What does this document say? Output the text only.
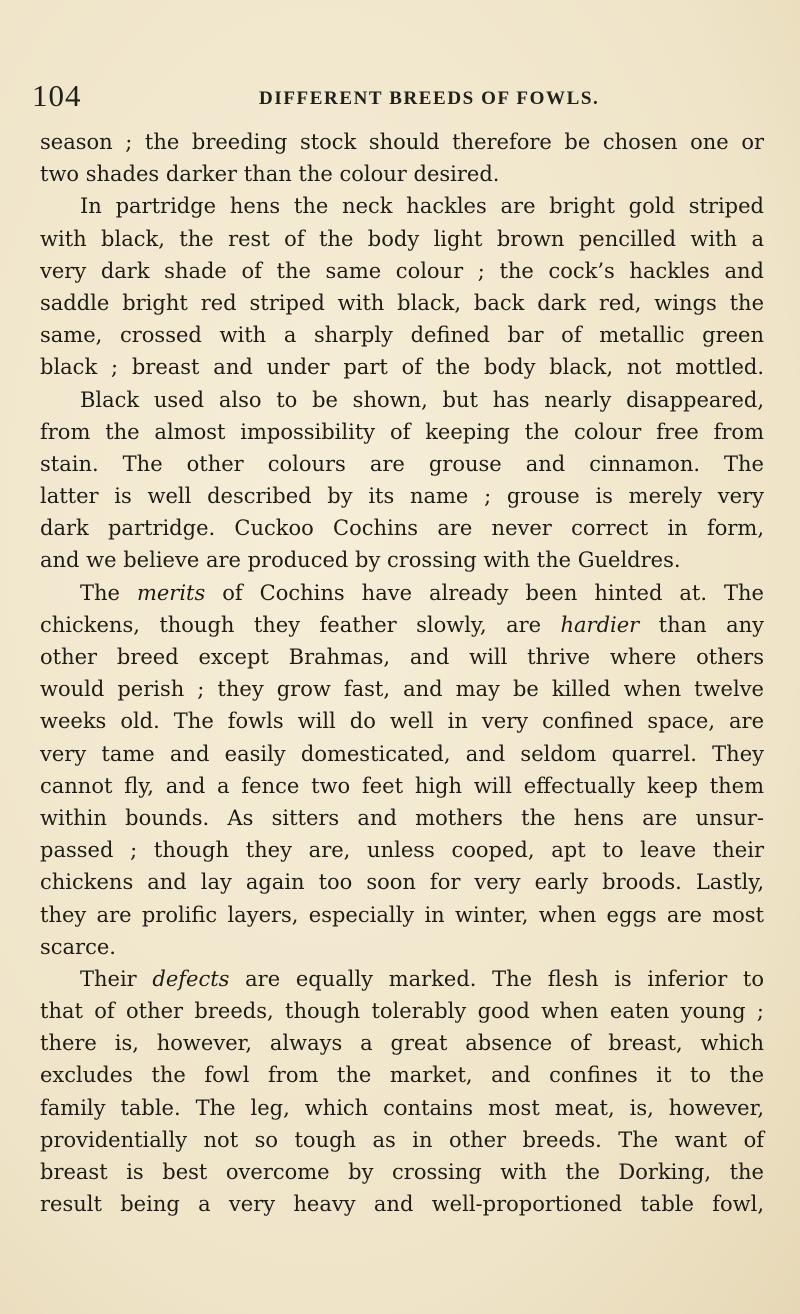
104	DIFFERENT BREEDS OF FOWLS.
season ; the breeding stock should therefore be chosen one or
two shades darker than the colour desired.
In partridge hens the neck hackles are bright gold striped
with black, the rest of the body light brown pencilled with a
very dark shade of the same colour ; the cock’s hackles and
saddle bright red striped with black, back dark red, wings the
same, crossed with a sharply defined bar of metallic green
black ; breast and under part of the body black, not mottled.
Black used also to be shown, but has nearly disappeared,
from the almost impossibility of keeping the colour free from
stain. The other colours are grouse and cinnamon. The
latter is well described by its name ; grouse is merely very
dark partridge. Cuckoo Cochins are never correct in form,
and we believe are produced by crossing with the Gueldres.
The merits of Cochins have already been hinted at. The
chickens, though they feather slowly, are hardier than any
other breed except Brahmas, and will thrive where others
would perish ; they grow fast, and may be killed when twelve
weeks old. The fowls will do well in very confined space, are
very tame and easily domesticated, and seldom quarrel. They
cannot fly, and a fence two feet high will effectually keep them
within bounds. As sitters and mothers the hens are unsur-
passed ; though they are, unless cooped, apt to leave their
chickens and lay again too soon for very early broods. Lastly,
they are prolific layers, especially in winter, when eggs are most
scarce.
Their defects are equally marked. The flesh is inferior to
that of other breeds, though tolerably good when eaten young ;
there is, however, always a great absence of breast, which
excludes the fowl from the market, and confines it to the
family table. The leg, which contains most meat, is, however,
providentially not so tough as in other breeds. The want of
breast is best overcome by crossing with the Dorking, the
result being a very heavy and well-proportioned table fowl,
